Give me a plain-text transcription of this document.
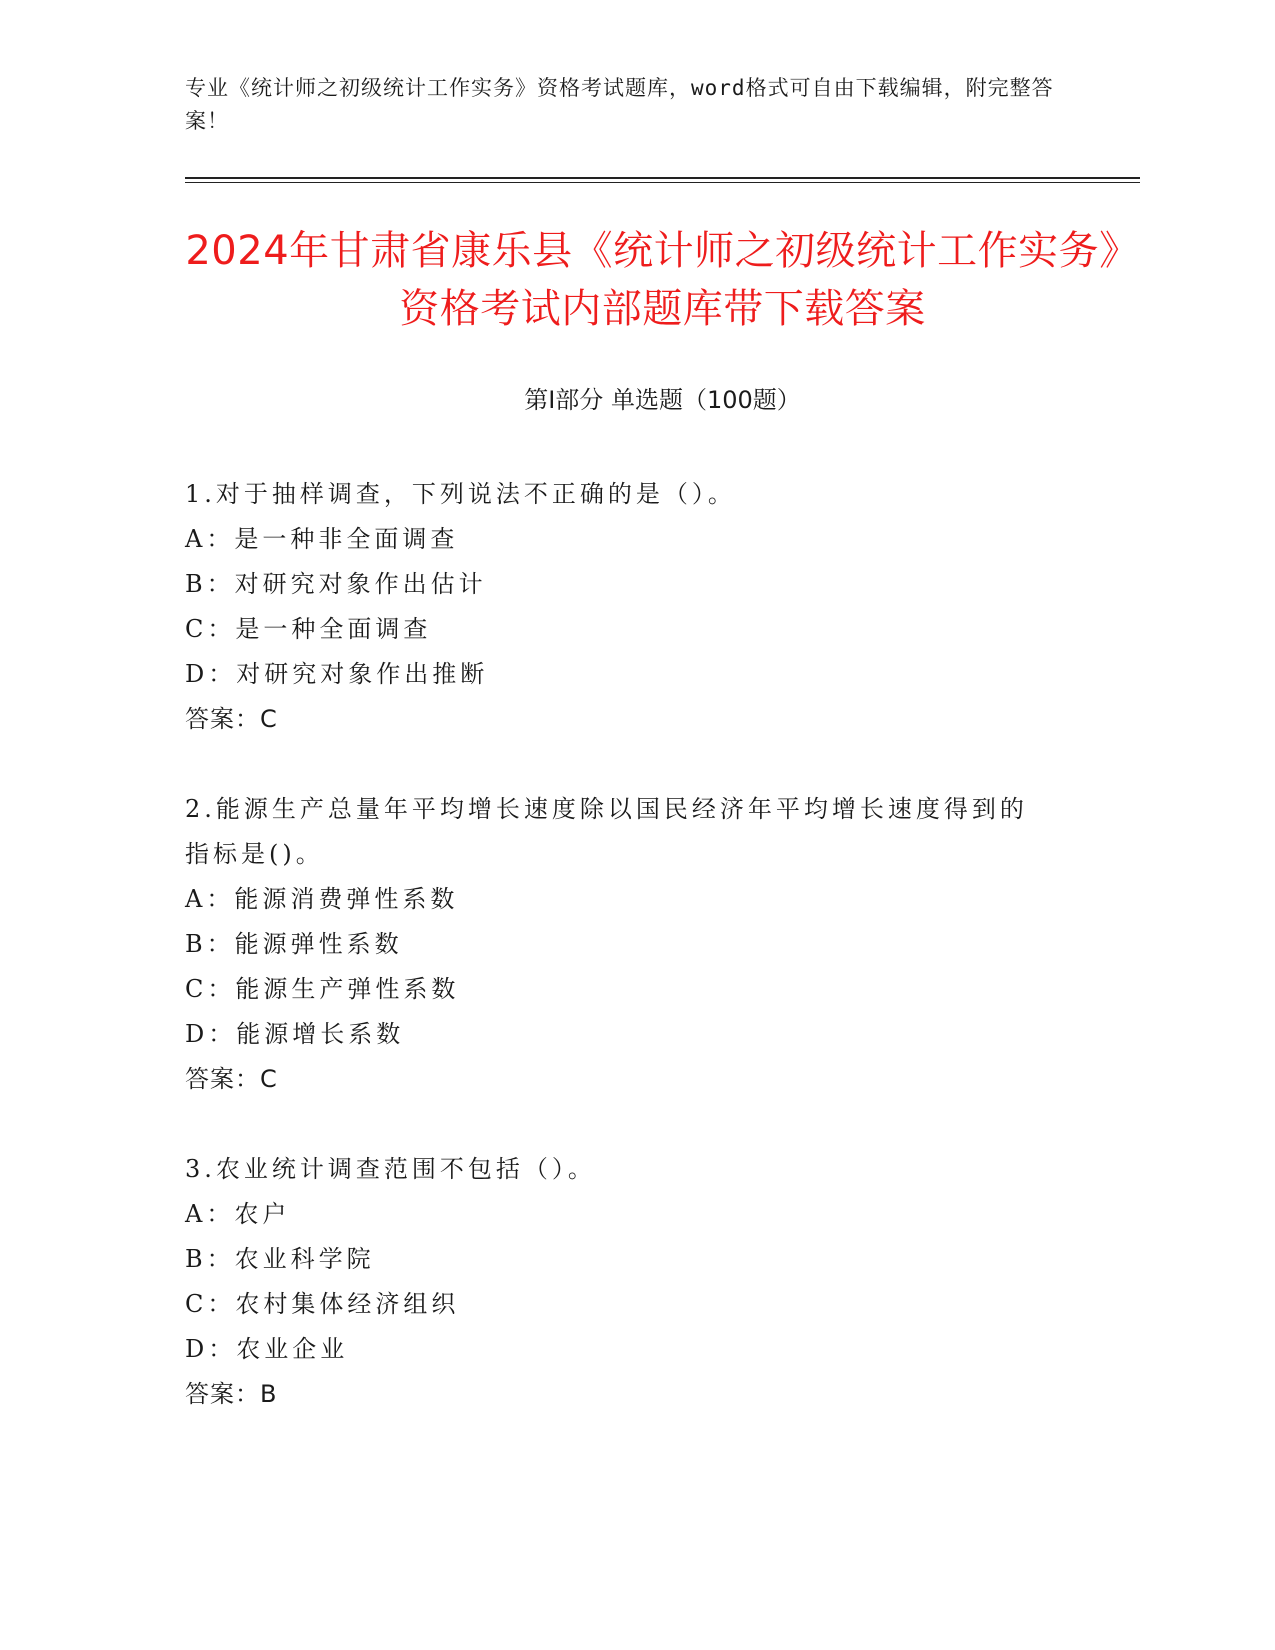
专业《统计师之初级统计工作实务》资格考试题库，word格式可自由下载编辑，附完整答案！
2024年甘肃省康乐县《统计师之初级统计工作实务》资格考试内部题库带下载答案
第Ⅰ部分 单选题（100题）
1.对于抽样调查，下列说法不正确的是（）。
A：是一种非全面调查
B：对研究对象作出估计
C：是一种全面调查
D：对研究对象作出推断
答案：C
2.能源生产总量年平均增长速度除以国民经济年平均增长速度得到的指标是()。
A：能源消费弹性系数
B：能源弹性系数
C：能源生产弹性系数
D：能源增长系数
答案：C
3.农业统计调查范围不包括（）。
A：农户
B：农业科学院
C：农村集体经济组织
D：农业企业
答案：B
